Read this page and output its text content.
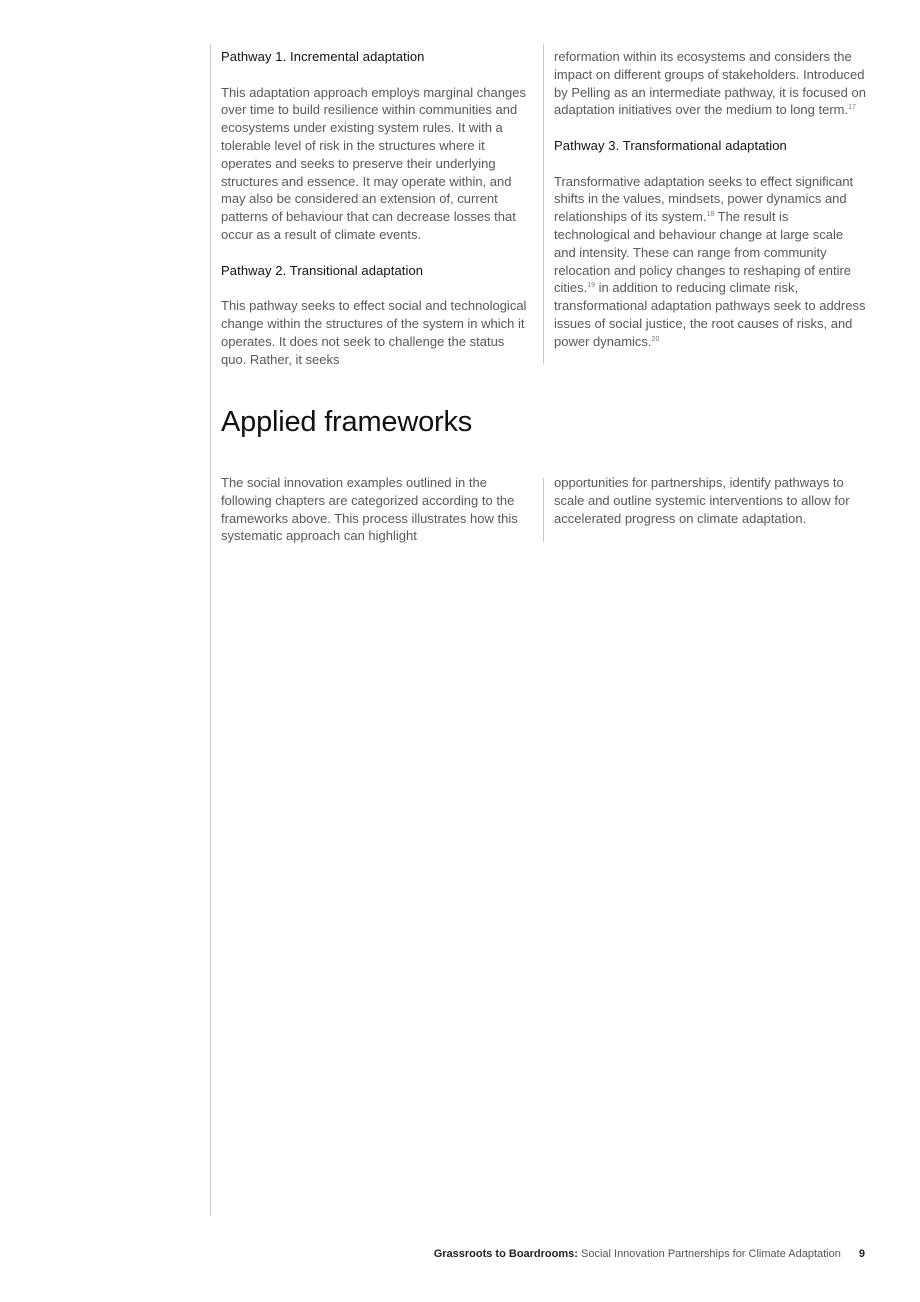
Pathway 1. Incremental adaptation

This adaptation approach employs marginal changes over time to build resilience within communities and ecosystems under existing system rules. It with a tolerable level of risk in the structures where it operates and seeks to preserve their underlying structures and essence. It may operate within, and may also be considered an extension of, current patterns of behaviour that can decrease losses that occur as a result of climate events.

Pathway 2. Transitional adaptation

This pathway seeks to effect social and technological change within the structures of the system in which it operates. It does not seek to challenge the status quo. Rather, it seeks

reformation within its ecosystems and considers the impact on different groups of stakeholders. Introduced by Pelling as an intermediate pathway, it is focused on adaptation initiatives over the medium to long term.$^{17}$

Pathway 3. Transformational adaptation

Transformative adaptation seeks to effect significant shifts in the values, mindsets, power dynamics and relationships of its system.$^{18}$ The result is technological and behaviour change at large scale and intensity. These can range from community relocation and policy changes to reshaping of entire cities.$^{19}$ in addition to reducing climate risk, transformational adaptation pathways seek to address issues of social justice, the root causes of risks, and power dynamics.$^{20}$

Applied frameworks

The social innovation examples outlined in the following chapters are categorized according to the frameworks above. This process illustrates how this systematic approach can highlight

opportunities for partnerships, identify pathways to scale and outline systemic interventions to allow for accelerated progress on climate adaptation.

Grassroots to Boardrooms: Social Innovation Partnerships for Climate Adaptation 9
